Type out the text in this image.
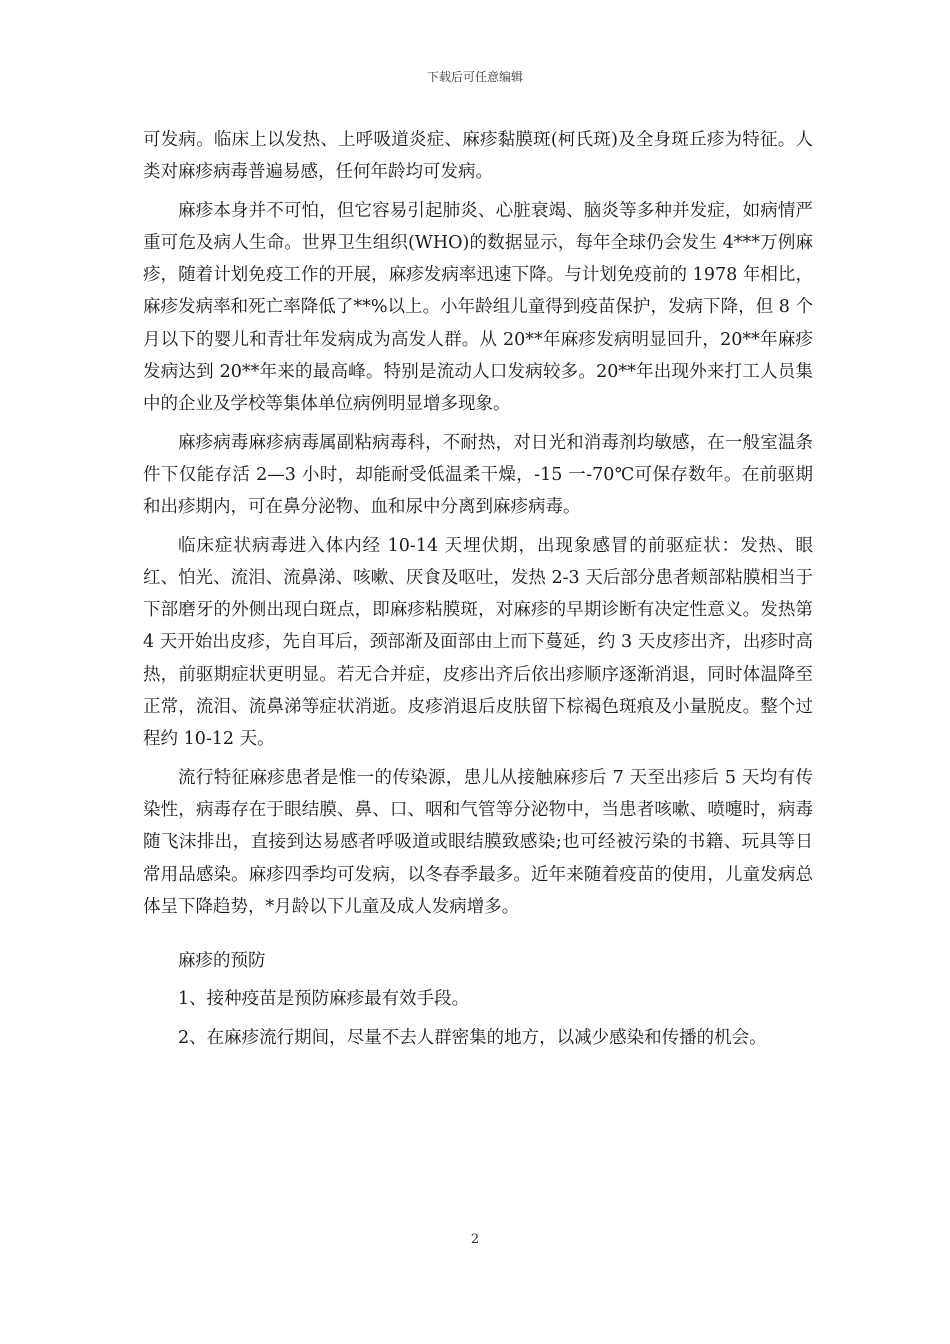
下载后可任意编辑

可发病。临床上以发热、上呼吸道炎症、麻疹黏膜斑(柯氏斑)及全身斑丘疹为特征。人类对麻疹病毒普遍易感，任何年龄均可发病。

麻疹本身并不可怕，但它容易引起肺炎、心脏衰竭、脑炎等多种并发症，如病情严重可危及病人生命。世界卫生组织(WHO)的数据显示，每年全球仍会发生 4***万例麻疹，随着计划免疫工作的开展，麻疹发病率迅速下降。与计划免疫前的 1978 年相比，麻疹发病率和死亡率降低了**%以上。小年龄组儿童得到疫苗保护，发病下降，但 8 个月以下的婴儿和青壮年发病成为高发人群。从 20**年麻疹发病明显回升，20**年麻疹发病达到 20**年来的最高峰。特别是流动人口发病较多。20**年出现外来打工人员集中的企业及学校等集体单位病例明显增多现象。

麻疹病毒麻疹病毒属副粘病毒科，不耐热，对日光和消毒剂均敏感，在一般室温条件下仅能存活 2—3 小时，却能耐受低温柔干燥，-15 一-70℃可保存数年。在前驱期和出疹期内，可在鼻分泌物、血和尿中分离到麻疹病毒。

临床症状病毒进入体内经 10-14 天埋伏期，出现象感冒的前驱症状：发热、眼红、怕光、流泪、流鼻涕、咳嗽、厌食及呕吐，发热 2-3 天后部分患者颊部粘膜相当于下部磨牙的外侧出现白斑点，即麻疹粘膜斑，对麻疹的早期诊断有决定性意义。发热第 4 天开始出皮疹，先自耳后，颈部渐及面部由上而下蔓延，约 3 天皮疹出齐，出疹时高热，前驱期症状更明显。若无合并症，皮疹出齐后依出疹顺序逐渐消退，同时体温降至正常，流泪、流鼻涕等症状消逝。皮疹消退后皮肤留下棕褐色斑痕及小量脱皮。整个过程约 10-12 天。

流行特征麻疹患者是惟一的传染源，患儿从接触麻疹后 7 天至出疹后 5 天均有传染性，病毒存在于眼结膜、鼻、口、咽和气管等分泌物中，当患者咳嗽、喷嚏时，病毒随飞沫排出，直接到达易感者呼吸道或眼结膜致感染;也可经被污染的书籍、玩具等日常用品感染。麻疹四季均可发病，以冬春季最多。近年来随着疫苗的使用，儿童发病总体呈下降趋势，*月龄以下儿童及成人发病增多。

麻疹的预防

1、接种疫苗是预防麻疹最有效手段。

2、在麻疹流行期间，尽量不去人群密集的地方，以减少感染和传播的机会。

2
